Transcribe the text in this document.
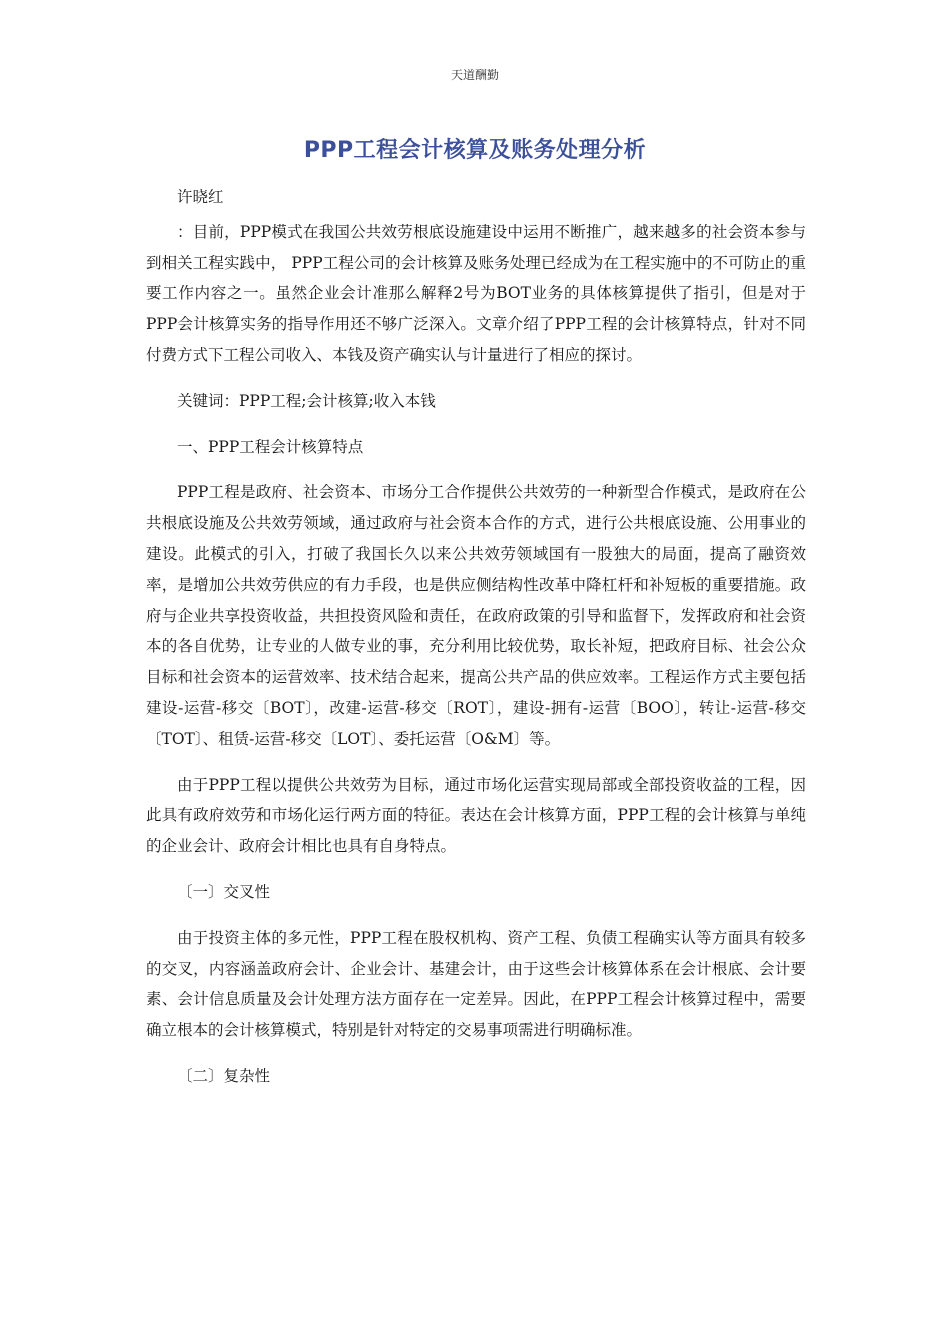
天道酬勤
PPP工程会计核算及账务处理分析

许晓红

：目前，PPP模式在我国公共效劳根底设施建设中运用不断推广，越来越多的社会资本参与到相关工程实践中， PPP工程公司的会计核算及账务处理已经成为在工程实施中的不可防止的重要工作内容之一。虽然企业会计准那么解释2号为BOT业务的具体核算提供了指引，但是对于PPP会计核算实务的指导作用还不够广泛深入。文章介绍了PPP工程的会计核算特点，针对不同付费方式下工程公司收入、本钱及资产确实认与计量进行了相应的探讨。

关键词：PPP工程;会计核算;收入本钱

一、PPP工程会计核算特点

PPP工程是政府、社会资本、市场分工合作提供公共效劳的一种新型合作模式，是政府在公共根底设施及公共效劳领域，通过政府与社会资本合作的方式，进行公共根底设施、公用事业的建设。此模式的引入，打破了我国长久以来公共效劳领域国有一股独大的局面，提高了融资效率，是增加公共效劳供应的有力手段，也是供应侧结构性改革中降杠杆和补短板的重要措施。政府与企业共享投资收益，共担投资风险和责任，在政府政策的引导和监督下，发挥政府和社会资本的各自优势，让专业的人做专业的事，充分利用比较优势，取长补短，把政府目标、社会公众目标和社会资本的运营效率、技术结合起来，提高公共产品的供应效率。工程运作方式主要包括建设-运营-移交〔BOT〕，改建-运营-移交〔ROT〕，建设-拥有-运营〔BOO〕，转让-运营-移交〔TOT〕、租赁-运营-移交〔LOT〕、委托运营〔O&M〕等。

由于PPP工程以提供公共效劳为目标，通过市场化运营实现局部或全部投资收益的工程，因此具有政府效劳和市场化运行两方面的特征。表达在会计核算方面，PPP工程的会计核算与单纯的企业会计、政府会计相比也具有自身特点。

〔一〕交叉性

由于投资主体的多元性，PPP工程在股权机构、资产工程、负债工程确实认等方面具有较多的交叉，内容涵盖政府会计、企业会计、基建会计，由于这些会计核算体系在会计根底、会计要素、会计信息质量及会计处理方法方面存在一定差异。因此，在PPP工程会计核算过程中，需要确立根本的会计核算模式，特别是针对特定的交易事项需进行明确标准。

〔二〕复杂性
